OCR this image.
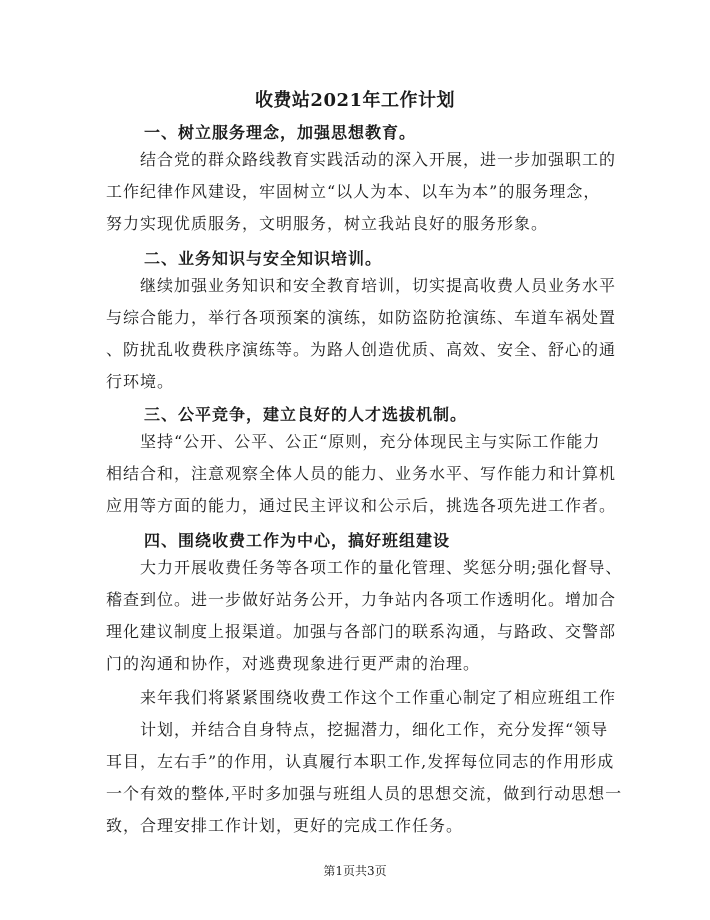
收费站2021年工作计划
一、树立服务理念，加强思想教育。
　　结合党的群众路线教育实践活动的深入开展，进一步加强职工的
工作纪律作风建设，牢固树立“以人为本、以车为本”的服务理念，
努力实现优质服务，文明服务，树立我站良好的服务形象。
二、业务知识与安全知识培训。
　　继续加强业务知识和安全教育培训，切实提高收费人员业务水平
与综合能力，举行各项预案的演练，如防盗防抢演练、车道车祸处置
、防扰乱收费秩序演练等。为路人创造优质、高效、安全、舒心的通
行环境。
三、公平竞争，建立良好的人才选拔机制。
　　坚持“公开、公平、公正“原则，充分体现民主与实际工作能力
相结合和，注意观察全体人员的能力、业务水平、写作能力和计算机
应用等方面的能力，通过民主评议和公示后，挑选各项先进工作者。
四、围绕收费工作为中心，搞好班组建设
　　大力开展收费任务等各项工作的量化管理、奖惩分明;强化督导、
稽查到位。进一步做好站务公开，力争站内各项工作透明化。增加合
理化建议制度上报渠道。加强与各部门的联系沟通，与路政、交警部
门的沟通和协作，对逃费现象进行更严肃的治理。
　　来年我们将紧紧围绕收费工作这个工作重心制定了相应班组工作
　　计划，并结合自身特点，挖掘潜力，细化工作，充分发挥“领导
耳目，左右手”的作用，认真履行本职工作,发挥每位同志的作用形成
一个有效的整体,平时多加强与班组人员的思想交流，做到行动思想一
致，合理安排工作计划，更好的完成工作任务。
第1页共3页
